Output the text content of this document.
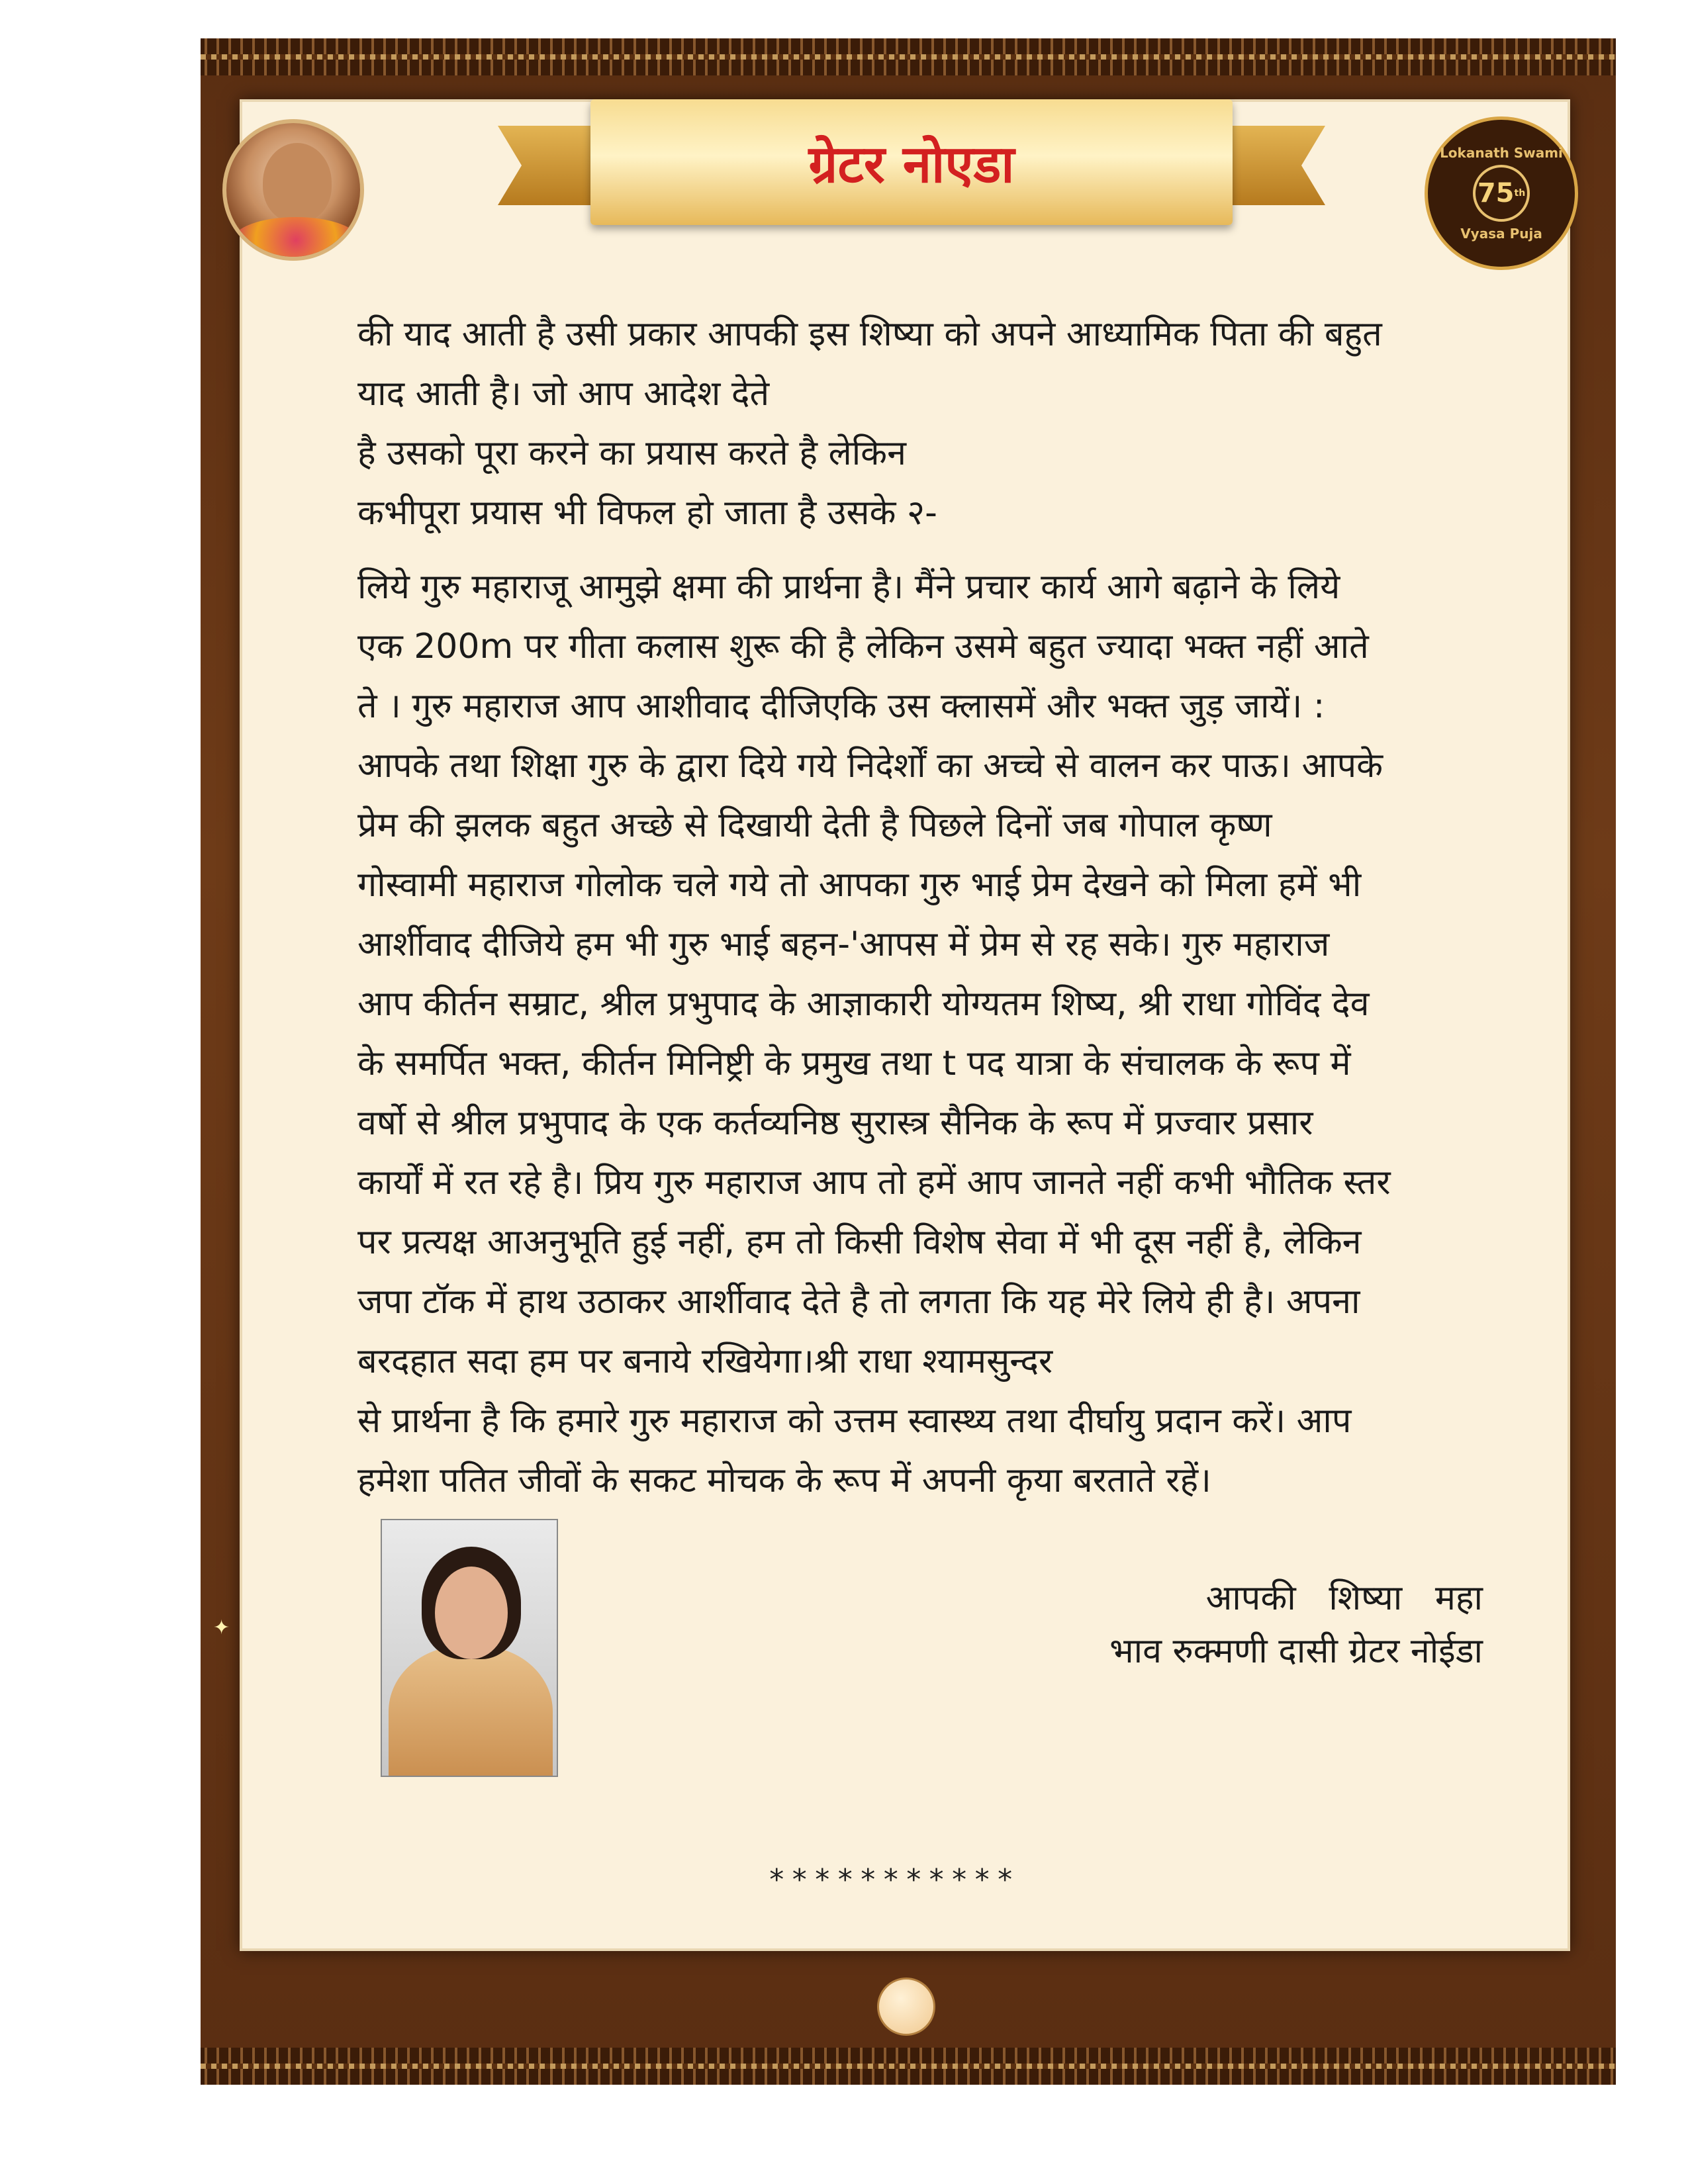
ग्रेटर नोएडा	Lokanath Swami
75 th
Vyasa Puja

की याद आती है उसी प्रकार आपकी इस शिष्या को अपने आध्यामिक पिता की बहुत

याद आती है। जो आप आदेश देते

है उसको पूरा करने का प्रयास करते है लेकिन

कभीपूरा प्रयास भी विफल हो जाता है उसके २-

लिये गुरु महाराजू आमुझे क्षमा की प्रार्थना है। मैंने प्रचार कार्य आगे बढ़ाने के लिये

एक 200m पर गीता कलास शुरू की है लेकिन उसमे बहुत ज्यादा भक्त नहीं आते

ते । गुरु महाराज आप आशीवाद दीजिएकि उस क्लासमें और भक्त जुड़ जायें। :

आपके तथा शिक्षा गुरु के द्वारा दिये गये निदेर्शों का अच्चे से वालन कर पाऊ। आपके

प्रेम की झलक बहुत अच्छे से दिखायी देती है पिछले दिनों जब गोपाल कृष्ण

गोस्वामी महाराज गोलोक चले गये तो आपका गुरु भाई प्रेम देखने को मिला हमें भी

आर्शीवाद दीजिये हम भी गुरु भाई बहन-'आपस में प्रेम से रह सके। गुरु महाराज

आप कीर्तन सम्राट, श्रील प्रभुपाद के आज्ञाकारी योग्यतम शिष्य, श्री राधा गोविंद देव

के समर्पित भक्त, कीर्तन मिनिष्ट्री के प्रमुख तथा t पद यात्रा के संचालक के रूप में

वर्षो से श्रील प्रभुपाद के एक कर्तव्यनिष्ठ सुरास्त्र सैनिक के रूप में प्रज्वार प्रसार

कार्यों में रत रहे है। प्रिय गुरु महाराज आप तो हमें आप जानते नहीं कभी भौतिक स्तर

पर प्रत्यक्ष आअनुभूति हुई नहीं, हम तो किसी विशेष सेवा में भी दूस नहीं है, लेकिन

जपा टॉक में हाथ उठाकर आर्शीवाद देते है तो लगता कि यह मेरे लिये ही है। अपना

बरदहात सदा हम पर बनाये रखियेगा।श्री राधा श्यामसुन्दर

से प्रार्थना है कि हमारे गुरु महाराज को उत्तम स्वास्थ्य तथा दीर्घायु प्रदान करें। आप

हमेशा पतित जीवों के सकट मोचक के रूप में अपनी कृया बरताते रहें।

आपकी   शिष्या   महा
भाव रुक्मणी दासी ग्रेटर नोईडा
***********
✦
